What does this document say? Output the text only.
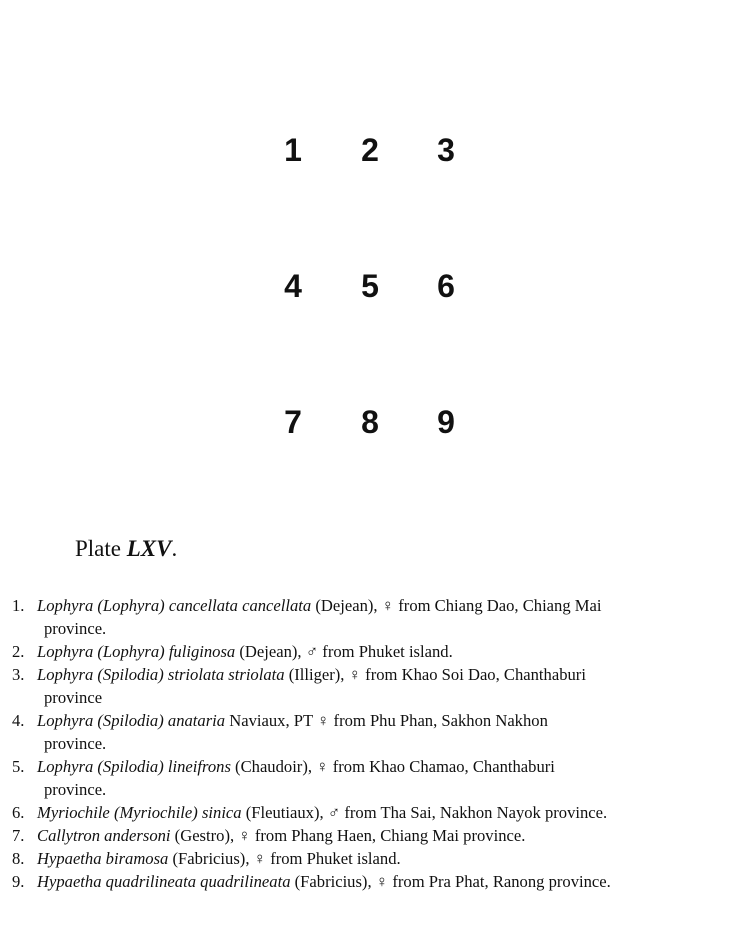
1 2 3
4 5 6
7 8 9
Plate LXV.
1. Lophyra (Lophyra) cancellata cancellata (Dejean), ♀ from Chiang Dao, Chiang Mai
province.
2. Lophyra (Lophyra) fuliginosa (Dejean), ♂ from Phuket island.
3. Lophyra (Spilodia) striolata striolata (Illiger), ♀ from Khao Soi Dao, Chanthaburi
province
4. Lophyra (Spilodia) anataria Naviaux, PT ♀ from Phu Phan, Sakhon Nakhon
province.
5. Lophyra (Spilodia) lineifrons (Chaudoir), ♀ from Khao Chamao, Chanthaburi
province.
6. Myriochile (Myriochile) sinica (Fleutiaux), ♂ from Tha Sai, Nakhon Nayok province.
7. Callytron andersoni (Gestro), ♀ from Phang Haen, Chiang Mai province.
8. Hypaetha biramosa (Fabricius), ♀ from Phuket island.
9. Hypaetha quadrilineata quadrilineata (Fabricius), ♀ from Pra Phat, Ranong province.
